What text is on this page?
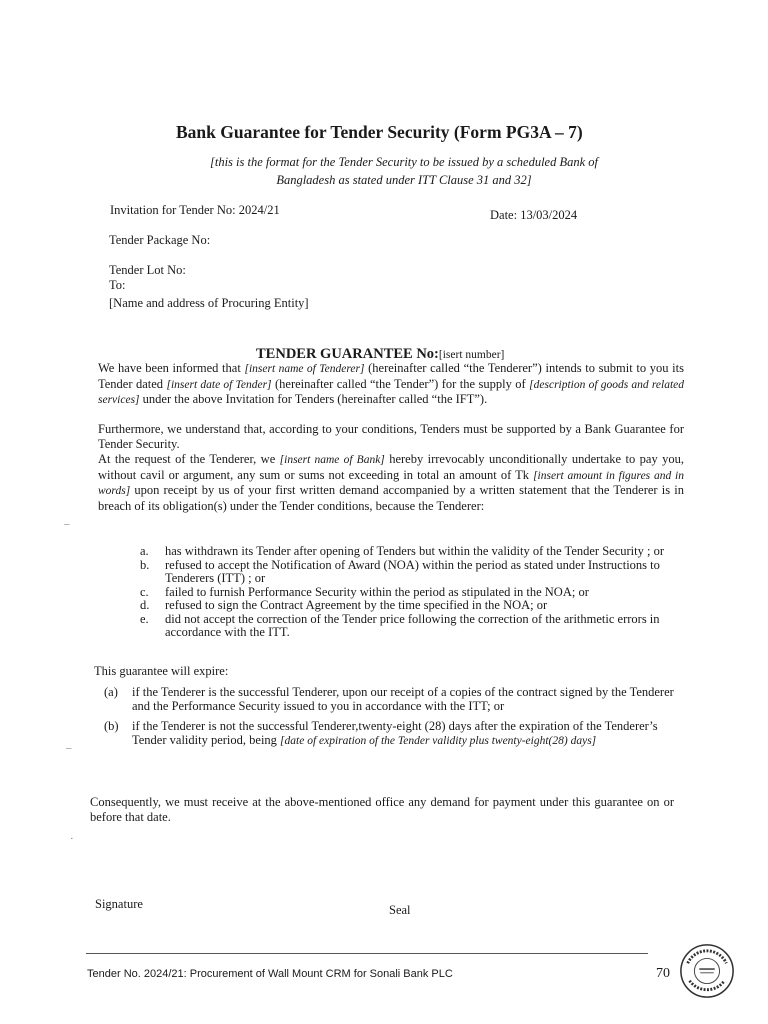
Bank Guarantee for Tender Security (Form PG3A – 7)
[this is the format for the Tender Security to be issued by a scheduled Bank of Bangladesh as stated under ITT Clause 31 and 32]
Invitation for Tender No: 2024/21	Date: 13/03/2024
Tender Package No:
Tender Lot No:
To:
[Name and address of Procuring Entity]
TENDER GUARANTEE No:[isert number]
We have been informed that [insert name of Tenderer] (hereinafter called “the Tenderer”) intends to submit to you its Tender dated [insert date of Tender] (hereinafter called “the Tender”) for the supply of [description of goods and related services] under the above Invitation for Tenders (hereinafter called “the IFT”).
Furthermore, we understand that, according to your conditions, Tenders must be supported by a Bank Guarantee for Tender Security.
At the request of the Tenderer, we [insert name of Bank] hereby irrevocably unconditionally undertake to pay you, without cavil or argument, any sum or sums not exceeding in total an amount of Tk [insert amount in figures and in words] upon receipt by us of your first written demand accompanied by a written statement that the Tenderer is in breach of its obligation(s) under the Tender conditions, because the Tenderer:
a. has withdrawn its Tender after opening of Tenders but within the validity of the Tender Security ; or
b. refused to accept the Notification of Award (NOA) within the period as stated under Instructions to Tenderers (ITT) ; or
c. failed to furnish Performance Security within the period as stipulated in the NOA; or
d. refused to sign the Contract Agreement by the time specified in the NOA; or
e. did not accept the correction of the Tender price following the correction of the arithmetic errors in accordance with the ITT.
This guarantee will expire:
(a) if the Tenderer is the successful Tenderer, upon our receipt of a copies of the contract signed by the Tenderer and the Performance Security issued to you in accordance with the ITT; or
(b) if the Tenderer is not the successful Tenderer,twenty-eight (28) days after the expiration of the Tenderer’s Tender validity period, being [date of expiration of the Tender validity plus twenty-eight(28) days]
Consequently, we must receive at the above-mentioned office any demand for payment under this guarantee on or before that date.
Signature	Seal
Tender No. 2024/21: Procurement of Wall Mount CRM for Sonali Bank PLC	70
–
–
·
